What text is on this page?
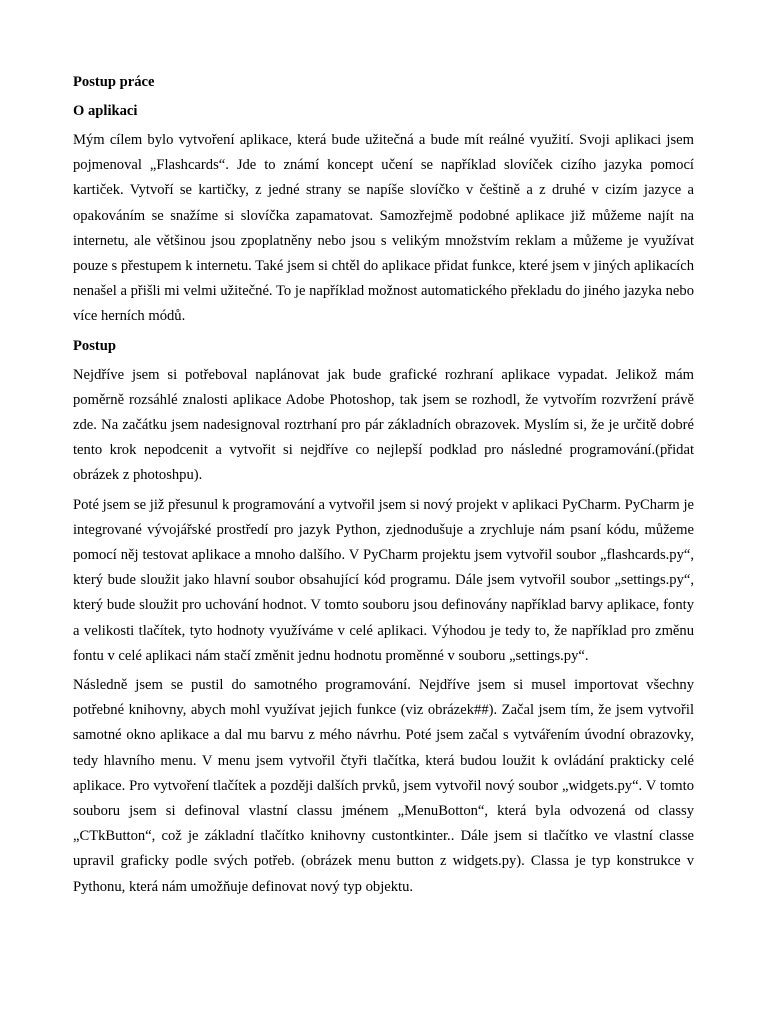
Postup práce
O aplikaci
Mým cílem bylo vytvoření aplikace, která bude užitečná a bude mít reálné využití. Svoji aplikaci jsem pojmenoval „Flashcards“. Jde to známí koncept učení se například slovíček cizího jazyka pomocí kartiček. Vytvoří se kartičky, z jedné strany se napíše slovíčko v češtině a z druhé v cizím jazyce a opakováním se snažíme si slovíčka zapamatovat. Samozřejmě podobné aplikace již můžeme najít na internetu, ale většinou jsou zpoplatněny nebo jsou s velikým množstvím reklam a můžeme je využívat pouze s přestupem k internetu. Také jsem si chtěl do aplikace přidat funkce, které jsem v jiných aplikacích nenašel a přišli mi velmi užitečné. To je například možnost automatického překladu do jiného jazyka nebo více herních módů.
Postup
Nejdříve jsem si potřeboval naplánovat jak bude grafické rozhraní aplikace vypadat. Jelikož mám poměrně rozsáhlé znalosti aplikace Adobe Photoshop, tak jsem se rozhodl, že vytvořím rozvržení právě zde. Na začátku jsem nadesignoval roztrhaní pro pár základních obrazovek. Myslím si, že je určitě dobré tento krok nepodcenit a vytvořit si nejdříve co nejlepší podklad pro následné programování.(přidat obrázek z photoshpu).
Poté jsem se již přesunul k programování a vytvořil jsem si nový projekt v aplikaci PyCharm. PyCharm je integrované vývojářské prostředí pro jazyk Python, zjednodušuje a zrychluje nám psaní kódu, můžeme pomocí něj testovat aplikace a mnoho dalšího. V PyCharm projektu jsem vytvořil soubor „flashcards.py“, který bude sloužit jako hlavní soubor obsahující kód programu. Dále jsem vytvořil soubor „settings.py“, který bude sloužit pro uchování hodnot. V tomto souboru jsou definovány například barvy aplikace, fonty a velikosti tlačítek, tyto hodnoty využíváme v celé aplikaci. Výhodou je tedy to, že například pro změnu fontu v celé aplikaci nám stačí změnit jednu hodnotu proměnné v souboru „settings.py“.
Následně jsem se pustil do samotného programování. Nejdříve jsem si musel importovat všechny potřebné knihovny, abych mohl využívat jejich funkce (viz obrázek##). Začal jsem tím, že jsem vytvořil samotné okno aplikace a dal mu barvu z mého návrhu. Poté jsem začal s vytvářením úvodní obrazovky, tedy hlavního menu. V menu jsem vytvořil čtyři tlačítka, která budou loužit k ovládání prakticky celé aplikace. Pro vytvoření tlačítek a později dalších prvků, jsem vytvořil nový soubor „widgets.py“. V tomto souboru jsem si definoval vlastní classu jménem „MenuBotton“, která byla odvozená od classy „CTkButton“, což je základní tlačítko knihovny custontkinter.. Dále jsem si tlačítko ve vlastní classe upravil graficky podle svých potřeb. (obrázek menu button z widgets.py). Classa je typ konstrukce v Pythonu, která nám umožňuje definovat nový typ objektu.
